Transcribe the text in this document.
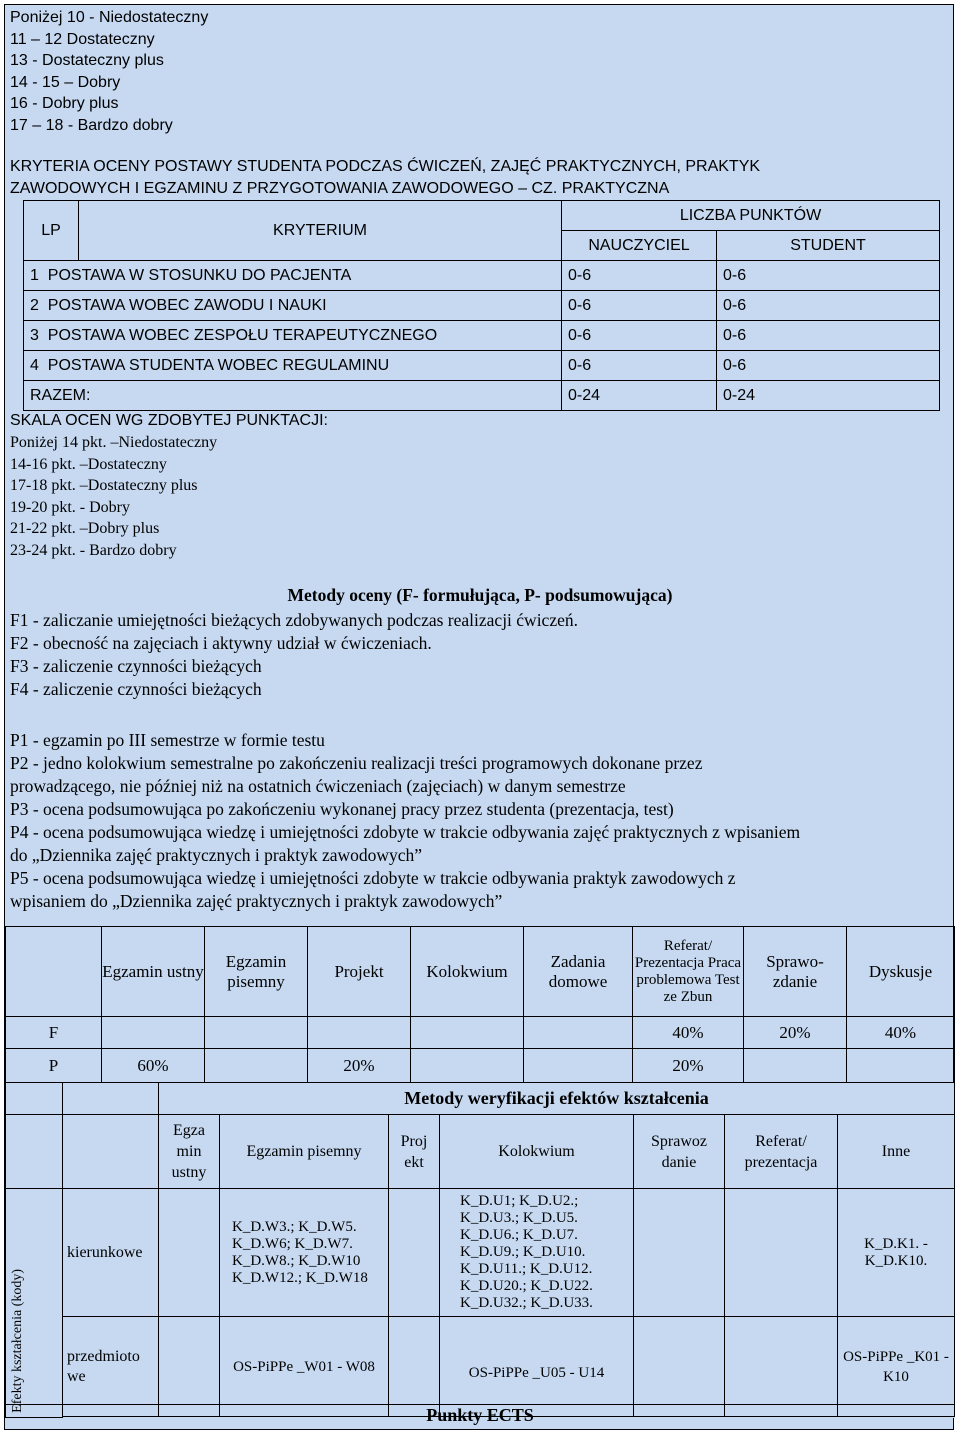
Poniżej 10 - Niedostateczny
11 – 12 Dostateczny
13 - Dostateczny plus
14 - 15 – Dobry
16 - Dobry plus
17 – 18 - Bardzo dobry
KRYTERIA OCENY POSTAWY STUDENTA PODCZAS ĆWICZEŃ, ZAJĘĆ PRAKTYCZNYCH, PRAKTYK
ZAWODOWYCH I EGZAMINU Z PRZYGOTOWANIA ZAWODOWEGO – CZ. PRAKTYCZNA
LP	KRYTERIUM	LICZBA PUNKTÓW	
		NAUCZYCIEL	STUDENT
1 POSTAWA W STOSUNKU DO PACJENTA		0-6	0-6
2 POSTAWA WOBEC ZAWODU I NAUKI		0-6	0-6
3 POSTAWA WOBEC ZESPOŁU TERAPEUTYCZNEGO		0-6	0-6
4 POSTAWA STUDENTA WOBEC REGULAMINU		0-6	0-6
RAZEM:		0-24	0-24
SKALA OCEN WG ZDOBYTEJ PUNKTACJI:
Poniżej 14 pkt. –Niedostateczny
14-16 pkt. –Dostateczny
17-18 pkt. –Dostateczny plus
19-20 pkt. - Dobry
21-22 pkt. –Dobry plus
23-24 pkt. - Bardzo dobry
Metody oceny (F- formułująca, P- podsumowująca)
F1 - zaliczanie umiejętności bieżących zdobywanych podczas realizacji ćwiczeń.
F2 - obecność na zajęciach i aktywny udział w ćwiczeniach.
F3 - zaliczenie czynności bieżących
F4 - zaliczenie czynności bieżących
P1 - egzamin po III semestrze w formie testu
P2 - jedno kolokwium semestralne po zakończeniu realizacji treści programowych dokonane przez
prowadzącego, nie później niż na ostatnich ćwiczeniach (zajęciach) w danym semestrze
P3 - ocena podsumowująca po zakończeniu wykonanej pracy przez studenta (prezentacja, test)
P4 - ocena podsumowująca wiedzę i umiejętności zdobyte w trakcie odbywania zajęć praktycznych z wpisaniem
do „Dziennika zajęć praktycznych i praktyk zawodowych”
P5 - ocena podsumowująca wiedzę i umiejętności zdobyte w trakcie odbywania praktyk zawodowych z
wpisaniem do „Dziennika zajęć praktycznych i praktyk zawodowych”
	Egzamin ustny	Egzamin pisemny	Projekt	Kolokwium	Zadania domowe	Referat/ Prezentacja Praca problemowa Test ze Zbun	Sprawo- zdanie	Dyskusje
F						40%	20%	40%
P	60%		20%			20%		
		Metody weryfikacji efektów kształcenia						
		Egza min ustny	Egzamin pisemny	Proj ekt	Kolokwium	Sprawoz danie	Referat/ prezentacja	Inne

Efekty kształcenia (kody)	kierunkowe		K_D.W3.; K_D.W5. K_D.W6; K_D.W7. K_D.W8.; K_D.W10 K_D.W12.; K_D.W18		K_D.U1; K_D.U2.; K_D.U3.; K_D.U5. K_D.U6.; K_D.U7. K_D.U9.; K_D.U10. K_D.U11.; K_D.U12. K_D.U20.; K_D.U22. K_D.U32.; K_D.U33.			K_D.K1. - K_D.K10.
	przedmioto we		OS-PiPPe _W01 - W08		OS-PiPPe _U05 - U14			OS-PiPPe _K01 - K10

Punkty ECTS
